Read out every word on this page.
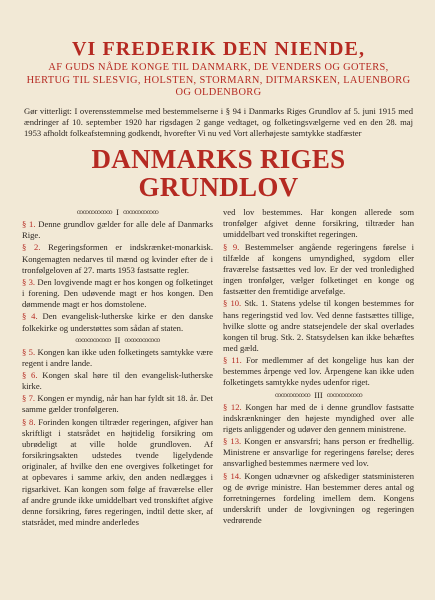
VI FREDERIK DEN NIENDE,

AF GUDS NÅDE KONGE TIL DANMARK, DE VENDERS OG GOTERS, HERTUG TIL SLESVIG, HOLSTEN, STORMARN, DITMARSKEN, LAUENBORG OG OLDENBORG

Gør vitterligt: I overensstemmelse med bestemmelserne i § 94 i Danmarks Riges Grundlov af 5. juni 1915 med ændringer af 10. september 1920 har rigsdagen 2 gange vedtaget, og folketingsvælgerne ved en den 28. maj 1953 afholdt folkeafstemning godkendt, hvorefter Vi nu ved Vort allerhøjeste samtykke stadfæster

DANMARKS RIGES GRUNDLOV
ꝏꝏꝏꝏꝏꝏ I ꝏꝏꝏꝏꝏꝏ

§ 1. Denne grundlov gælder for alle dele af Danmarks Rige.

§ 2. Regeringsformen er indskrænket-monarkisk. Kongemagten nedarves til mænd og kvinder efter de i tronfølgeloven af 27. marts 1953 fastsatte regler.

§ 3. Den lovgivende magt er hos kongen og folketinget i forening. Den udøvende magt er hos kongen. Den dømmende magt er hos domstolene.

§ 4. Den evangelisk-lutherske kirke er den danske folkekirke og understøttes som sådan af staten.

ꝏꝏꝏꝏꝏꝏ II ꝏꝏꝏꝏꝏꝏ

§ 5. Kongen kan ikke uden folketingets samtykke være regent i andre lande.

§ 6. Kongen skal høre til den evangelisk-lutherske kirke.

§ 7. Kongen er myndig, når han har fyldt sit 18. år. Det samme gælder tronfølgeren.

§ 8. Forinden kongen tiltræder regeringen, afgiver han skriftligt i statsrådet en højtidelig forsikring om ubrødeligt at ville holde grundloven. Af forsikringsakten udstedes tvende ligelydende originaler, af hvilke den ene overgives folketinget for at opbevares i samme arkiv, den anden nedlægges i rigsarkivet. Kan kongen som følge af fraværelse eller af andre grunde ikke umiddelbart ved tronskiftet afgive denne forsikring, føres regeringen, indtil dette sker, af statsrådet, med mindre anderledes

ved lov bestemmes. Har kongen allerede som tronfølger afgivet denne forsikring, tiltræder han umiddelbart ved tronskiftet regeringen.

§ 9. Bestemmelser angående regeringens førelse i tilfælde af kongens umyndighed, sygdom eller fraværelse fastsættes ved lov. Er der ved tronledighed ingen tronfølger, vælger folketinget en konge og fastsætter den fremtidige arvefølge.

§ 10. Stk. 1. Statens ydelse til kongen bestemmes for hans regeringstid ved lov. Ved denne fastsættes tillige, hvilke slotte og andre statsejendele der skal overlades kongen til brug. Stk. 2. Statsydelsen kan ikke behæftes med gæld.

§ 11. For medlemmer af det kongelige hus kan der bestemmes årpenge ved lov. Årpengene kan ikke uden folketingets samtykke nydes udenfor riget.

ꝏꝏꝏꝏꝏꝏ III ꝏꝏꝏꝏꝏꝏ

§ 12. Kongen har med de i denne grundlov fastsatte indskrænkninger den højeste myndighed over alle rigets anliggender og udøver den gennem ministrene.

§ 13. Kongen er ansvarsfri; hans person er fredhellig. Ministrene er ansvarlige for regeringens førelse; deres ansvarlighed bestemmes nærmere ved lov.

§ 14. Kongen udnævner og afskediger statsministeren og de øvrige ministre. Han bestemmer deres antal og forretningernes fordeling imellem dem. Kongens underskrift under de lovgivningen og regeringen vedrørende
